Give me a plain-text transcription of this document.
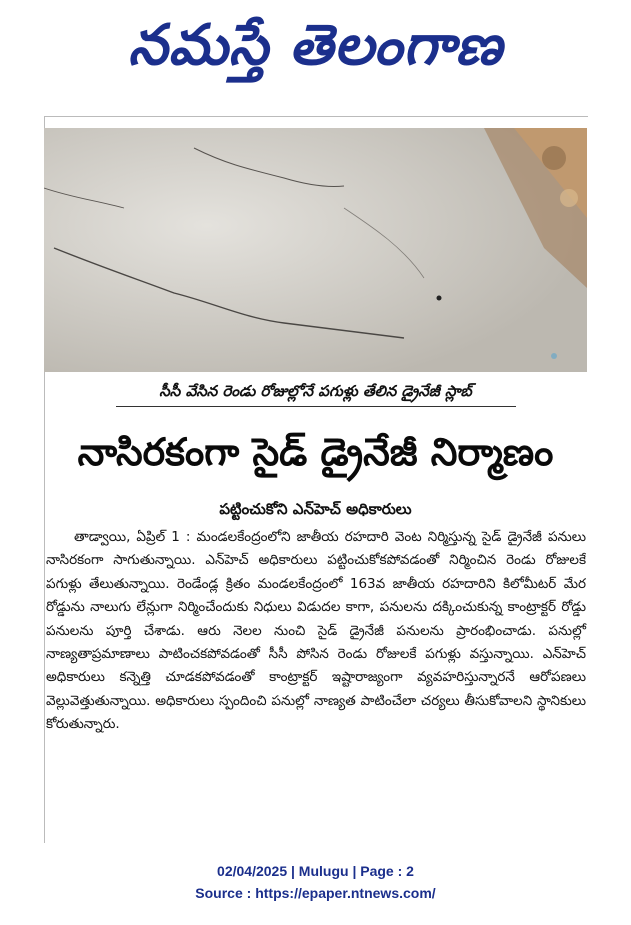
నమస్తే తెలంగాణ
సీసీ వేసిన రెండు రోజుల్లోనే పగుళ్లు తేలిన డ్రైనేజీ స్లాబ్
నాసిరకంగా సైడ్ డ్రైనేజీ నిర్మాణం
పట్టించుకోని ఎన్‌హెచ్ అధికారులు

తాడ్వాయి, ఏప్రిల్ 1 : మండలకేంద్రంలోని జాతీయ రహదారి వెంట నిర్మిస్తున్న సైడ్ డ్రైనేజీ పనులు నాసిరకంగా సాగుతున్నాయి. ఎన్‌హెచ్ అధికారులు పట్టించుకోకపోవడంతో నిర్మించిన రెండు రోజులకే పగుళ్లు తేలుతున్నాయి. రెండేండ్ల క్రితం మండలకేంద్రంలో 163వ జాతీయ రహదారిని కిలోమీటర్ మేర రోడ్డును నాలుగు లేన్లుగా నిర్మించేందుకు నిధులు విడుదల కాగా, పనులను దక్కించుకున్న కాంట్రాక్టర్ రోడ్డు పనులను పూర్తి చేశాడు. ఆరు నెలల నుంచి సైడ్ డ్రైనేజీ పనులను ప్రారంభించాడు. పనుల్లో నాణ్యతాప్రమాణాలు పాటించకపోవడంతో సీసీ పోసిన రెండు రోజులకే పగుళ్లు వస్తున్నాయి. ఎన్‌హెచ్ అధికారులు కన్నెత్తి చూడకపోవడంతో కాంట్రాక్టర్ ఇష్టారాజ్యంగా వ్యవహరిస్తున్నారనే ఆరోపణలు వెల్లువెత్తుతున్నాయి. అధికారులు స్పందించి పనుల్లో నాణ్యత పాటించేలా చర్యలు తీసుకోవాలని స్థానికులు కోరుతున్నారు.

02/04/2025 | Mulugu | Page : 2
Source : https://epaper.ntnews.com/
